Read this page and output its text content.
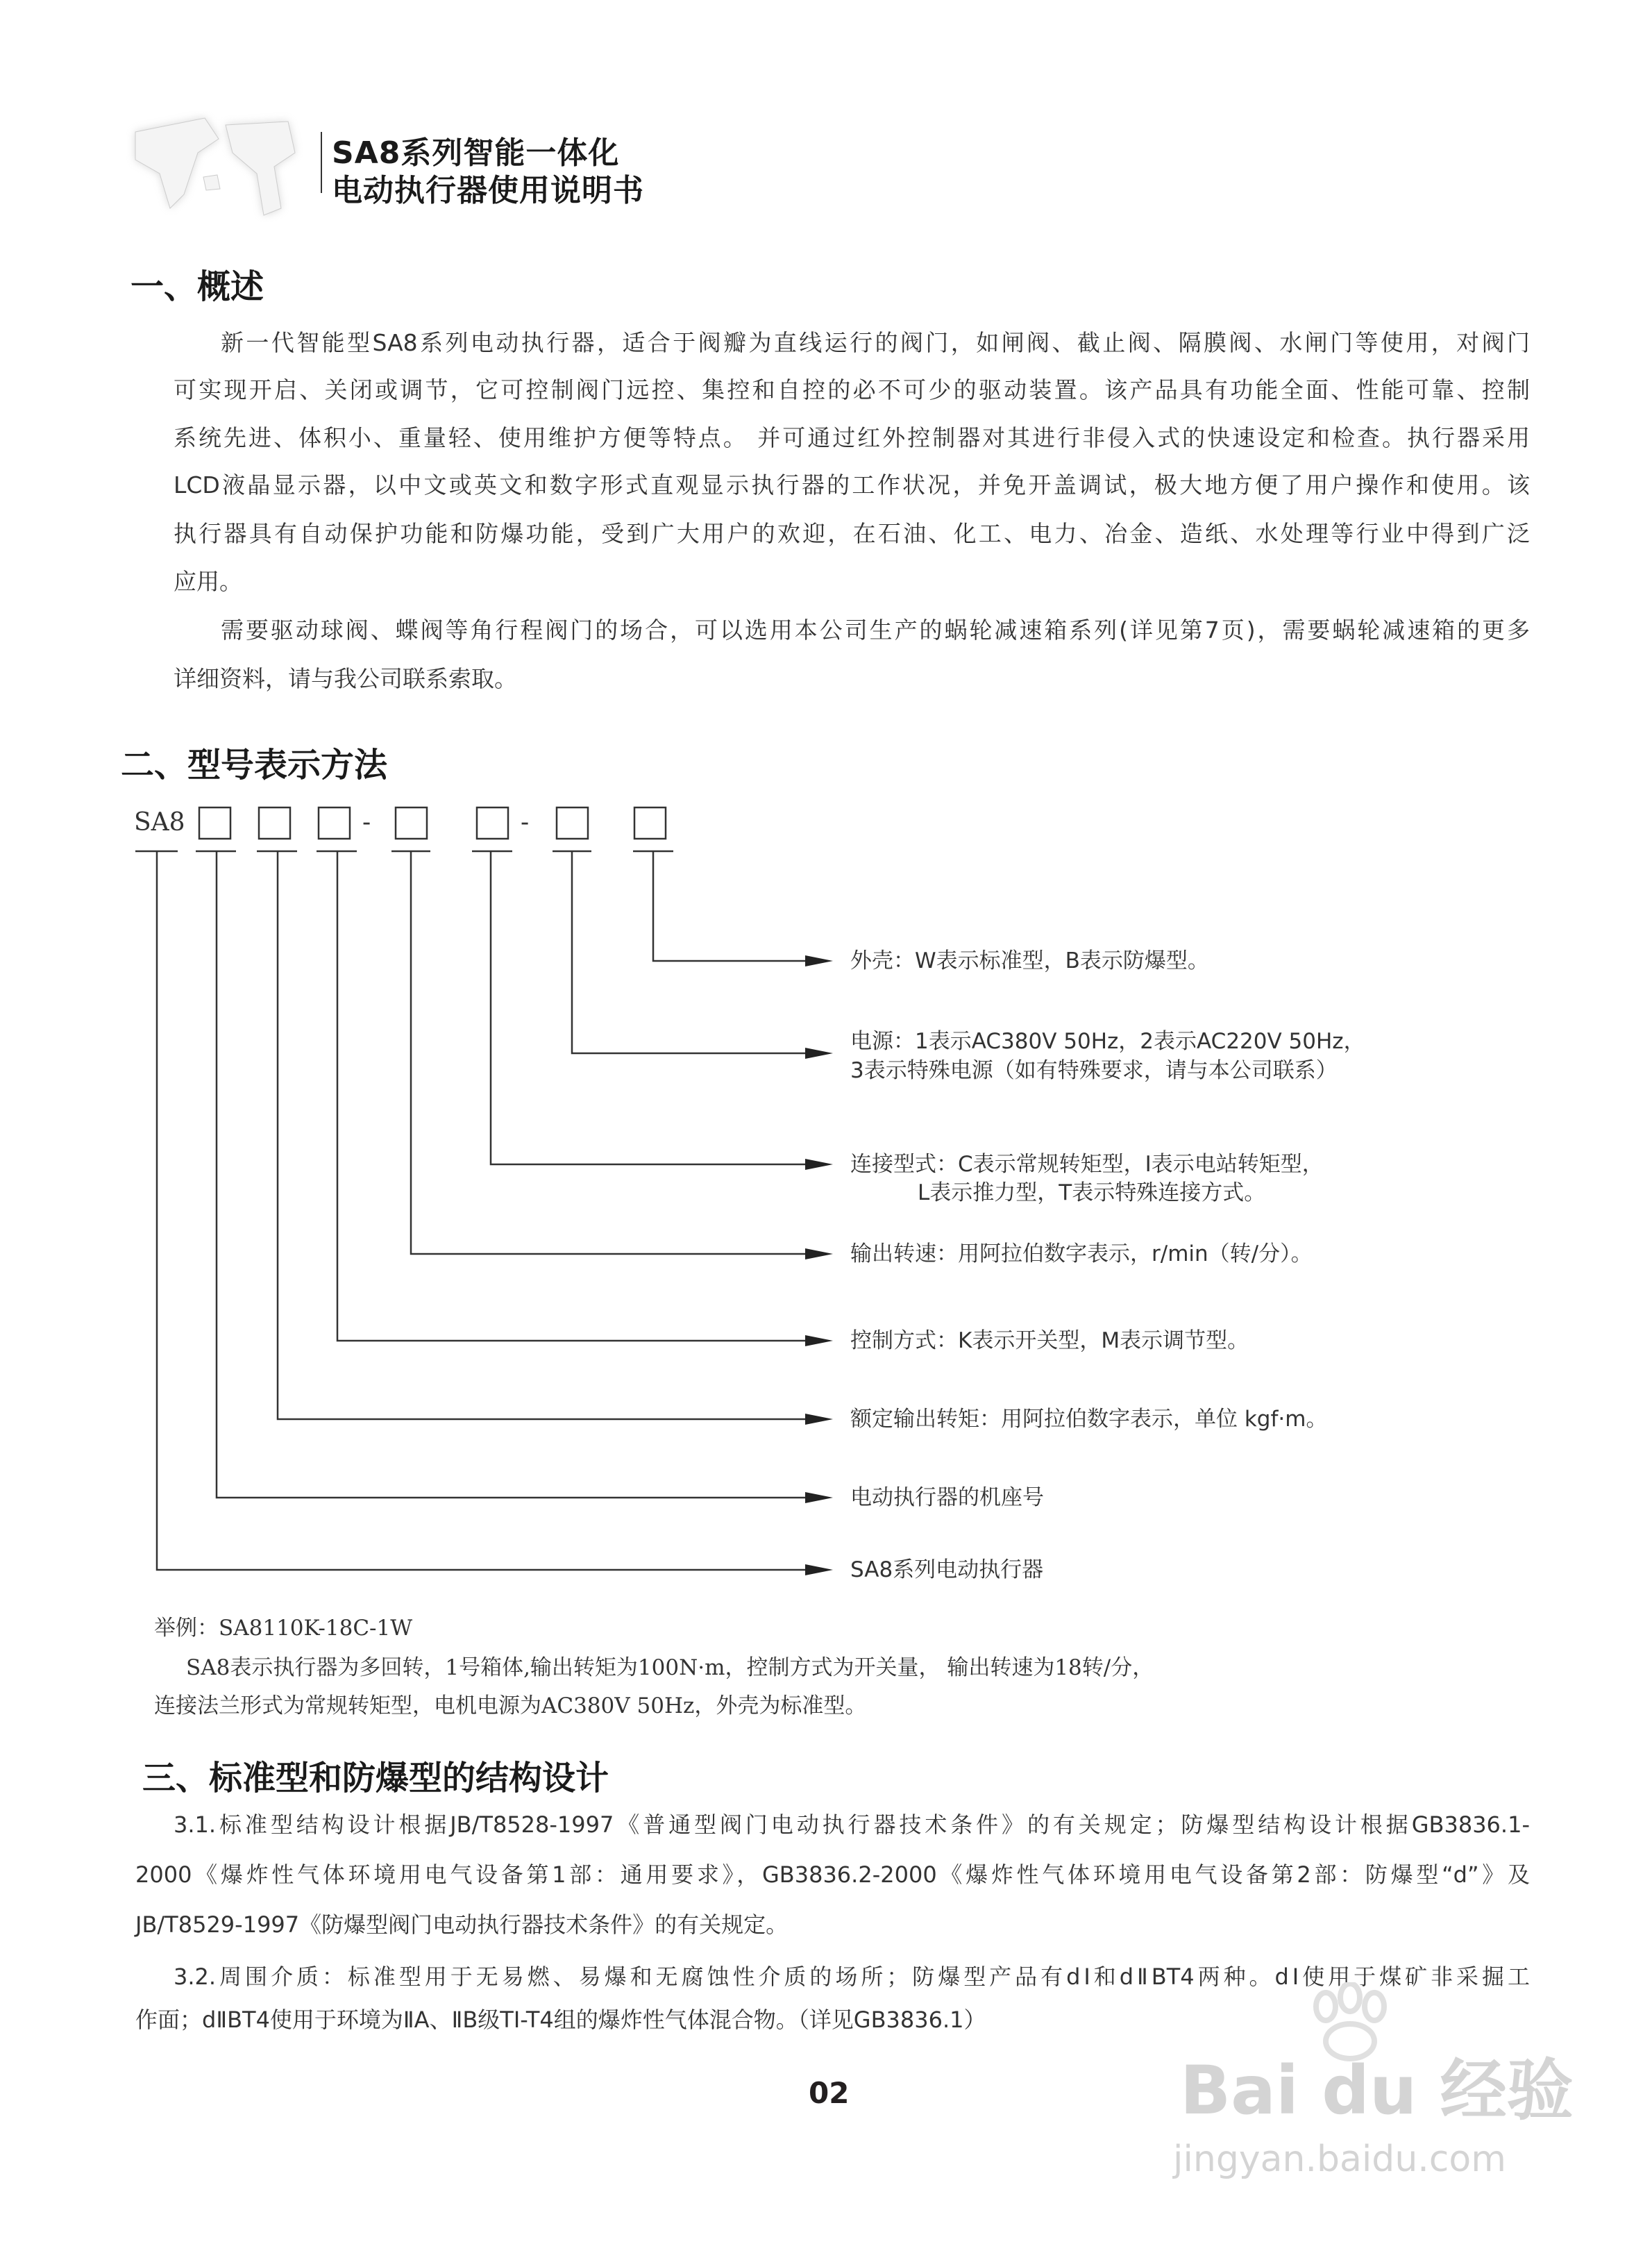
SA8系列智能一体化
电动执行器使用说明书
一、概述
新一代智能型SA8系列电动执行器，适合于阀瓣为直线运行的阀门，如闸阀、截止阀、隔膜阀、水闸门等使用，对阀门
可实现开启、关闭或调节，它可控制阀门远控、集控和自控的必不可少的驱动装置。该产品具有功能全面、性能可靠、控制
系统先进、体积小、重量轻、使用维护方便等特点。 并可通过红外控制器对其进行非侵入式的快速设定和检查。执行器采用
LCD液晶显示器，以中文或英文和数字形式直观显示执行器的工作状况，并免开盖调试，极大地方便了用户操作和使用。该
执行器具有自动保护功能和防爆功能，受到广大用户的欢迎，在石油、化工、电力、冶金、造纸、水处理等行业中得到广泛
应用。
需要驱动球阀、蝶阀等角行程阀门的场合，可以选用本公司生产的蜗轮减速箱系列(详见第7页)，需要蜗轮减速箱的更多
详细资料，请与我公司联系索取。
二、型号表示方法
SA8	-	-
外壳：W表示标准型，B表示防爆型。
电源：1表示AC380V 50Hz，2表示AC220V 50Hz，
3表示特殊电源（如有特殊要求，请与本公司联系）
连接型式：C表示常规转矩型，I表示电站转矩型，
L表示推力型，T表示特殊连接方式。
输出转速：用阿拉伯数字表示，r/min（转/分）。
控制方式：K表示开关型，M表示调节型。
额定输出转矩：用阿拉伯数字表示，单位 kgf·m。
电动执行器的机座号
SA8系列电动执行器
举例：SA8110K-18C-1W
SA8表示执行器为多回转，1号箱体,输出转矩为100N·m，控制方式为开关量， 输出转速为18转/分，
连接法兰形式为常规转矩型，电机电源为AC380V 50Hz，外壳为标准型。
三、标准型和防爆型的结构设计
3.1.标准型结构设计根据JB/T8528-1997《普通型阀门电动执行器技术条件》的有关规定；防爆型结构设计根据GB3836.1-
2000《爆炸性气体环境用电气设备第1部：通用要求》，GB3836.2-2000《爆炸性气体环境用电气设备第2部：防爆型“d”》及
JB/T8529-1997《防爆型阀门电动执行器技术条件》的有关规定。
3.2.周围介质：标准型用于无易燃、易爆和无腐蚀性介质的场所；防爆型产品有dⅠ和dⅡBT4两种。dⅠ使用于煤矿非采掘工
作面；dⅡBT4使用于环境为ⅡA、ⅡB级TⅠ-T4组的爆炸性气体混合物。（详见GB3836.1）
02	Bai du 经验
jingyan.baidu.com
